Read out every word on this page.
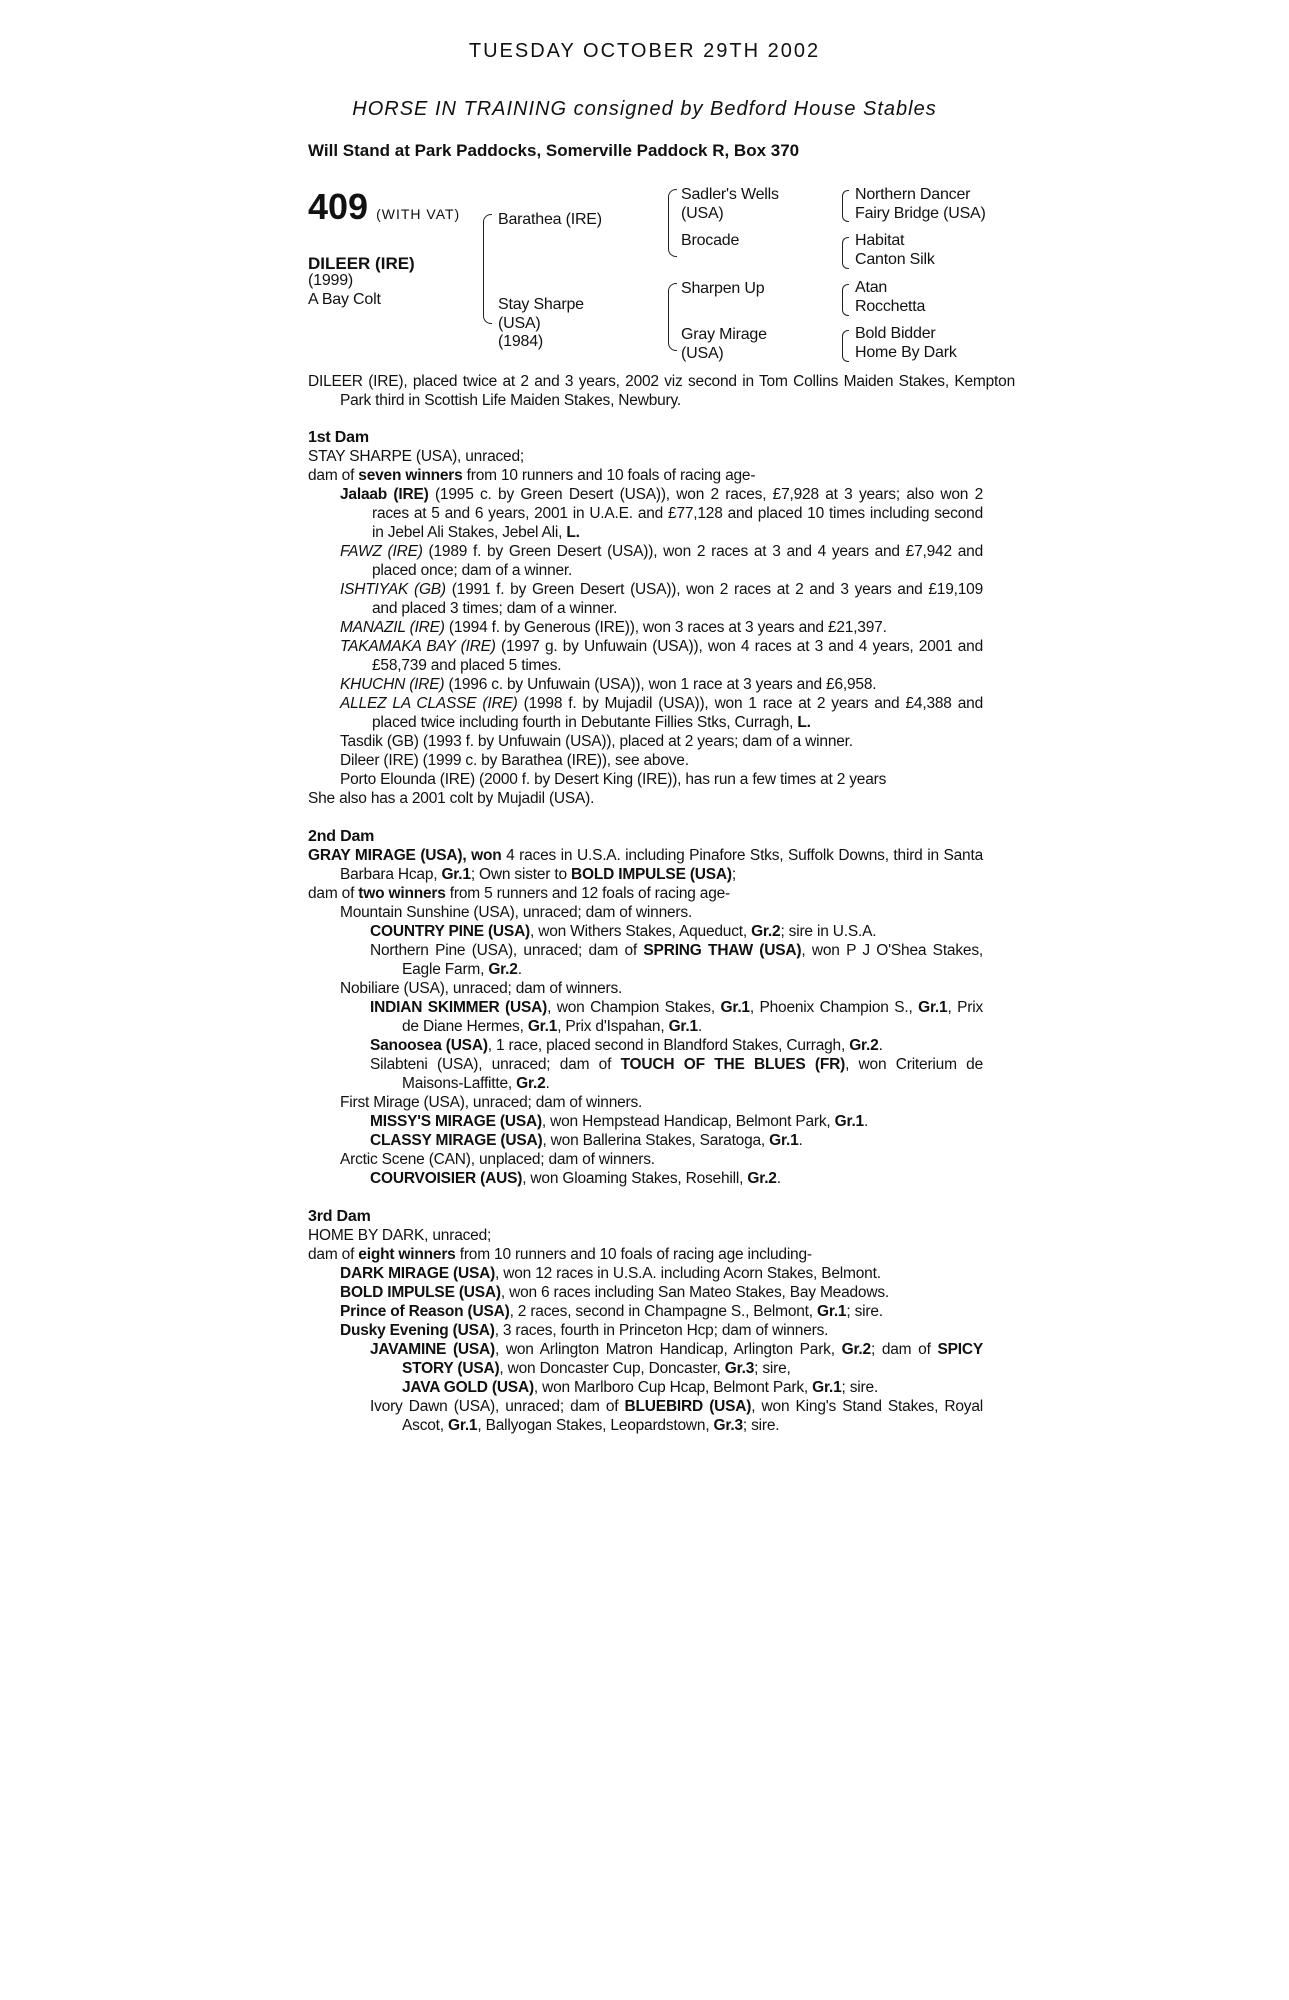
TUESDAY OCTOBER 29TH 2002
HORSE IN TRAINING consigned by Bedford House Stables
Will Stand at Park Paddocks, Somerville Paddock R, Box 370
409 (WITH VAT)
DILEER (IRE)
(1999)
A Bay Colt
Barathea (IRE)
Stay Sharpe
(USA)
(1984)
Sadler's Wells
(USA)
Brocade
Sharpen Up
Gray Mirage
(USA)
Northern Dancer
Fairy Bridge (USA)
Habitat
Canton Silk
Atan
Rocchetta
Bold Bidder
Home By Dark
DILEER (IRE), placed twice at 2 and 3 years, 2002 viz second in Tom Collins Maiden Stakes, Kempton Park third in Scottish Life Maiden Stakes, Newbury.
1st Dam
STAY SHARPE (USA), unraced;
dam of seven winners from 10 runners and 10 foals of racing age-
Jalaab (IRE) (1995 c. by Green Desert (USA)), won 2 races, £7,928 at 3 years; also won 2 races at 5 and 6 years, 2001 in U.A.E. and £77,128 and placed 10 times including second in Jebel Ali Stakes, Jebel Ali, L.
FAWZ (IRE) (1989 f. by Green Desert (USA)), won 2 races at 3 and 4 years and £7,942 and placed once; dam of a winner.
ISHTIYAK (GB) (1991 f. by Green Desert (USA)), won 2 races at 2 and 3 years and £19,109 and placed 3 times; dam of a winner.
MANAZIL (IRE) (1994 f. by Generous (IRE)), won 3 races at 3 years and £21,397.
TAKAMAKA BAY (IRE) (1997 g. by Unfuwain (USA)), won 4 races at 3 and 4 years, 2001 and £58,739 and placed 5 times.
KHUCHN (IRE) (1996 c. by Unfuwain (USA)), won 1 race at 3 years and £6,958.
ALLEZ LA CLASSE (IRE) (1998 f. by Mujadil (USA)), won 1 race at 2 years and £4,388 and placed twice including fourth in Debutante Fillies Stks, Curragh, L.
Tasdik (GB) (1993 f. by Unfuwain (USA)), placed at 2 years; dam of a winner.
Dileer (IRE) (1999 c. by Barathea (IRE)), see above.
Porto Elounda (IRE) (2000 f. by Desert King (IRE)), has run a few times at 2 years
She also has a 2001 colt by Mujadil (USA).
2nd Dam
GRAY MIRAGE (USA), won 4 races in U.S.A. including Pinafore Stks, Suffolk Downs, third in Santa Barbara Hcap, Gr.1; Own sister to BOLD IMPULSE (USA);
dam of two winners from 5 runners and 12 foals of racing age-
Mountain Sunshine (USA), unraced; dam of winners.
COUNTRY PINE (USA), won Withers Stakes, Aqueduct, Gr.2; sire in U.S.A.
Northern Pine (USA), unraced; dam of SPRING THAW (USA), won P J O'Shea Stakes, Eagle Farm, Gr.2.
Nobiliare (USA), unraced; dam of winners.
INDIAN SKIMMER (USA), won Champion Stakes, Gr.1, Phoenix Champion S., Gr.1, Prix de Diane Hermes, Gr.1, Prix d'Ispahan, Gr.1.
Sanoosea (USA), 1 race, placed second in Blandford Stakes, Curragh, Gr.2.
Silabteni (USA), unraced; dam of TOUCH OF THE BLUES (FR), won Criterium de Maisons-Laffitte, Gr.2.
First Mirage (USA), unraced; dam of winners.
MISSY'S MIRAGE (USA), won Hempstead Handicap, Belmont Park, Gr.1.
CLASSY MIRAGE (USA), won Ballerina Stakes, Saratoga, Gr.1.
Arctic Scene (CAN), unplaced; dam of winners.
COURVOISIER (AUS), won Gloaming Stakes, Rosehill, Gr.2.
3rd Dam
HOME BY DARK, unraced;
dam of eight winners from 10 runners and 10 foals of racing age including-
DARK MIRAGE (USA), won 12 races in U.S.A. including Acorn Stakes, Belmont.
BOLD IMPULSE (USA), won 6 races including San Mateo Stakes, Bay Meadows.
Prince of Reason (USA), 2 races, second in Champagne S., Belmont, Gr.1; sire.
Dusky Evening (USA), 3 races, fourth in Princeton Hcp; dam of winners.
JAVAMINE (USA), won Arlington Matron Handicap, Arlington Park, Gr.2; dam of SPICY STORY (USA), won Doncaster Cup, Doncaster, Gr.3; sire,
JAVA GOLD (USA), won Marlboro Cup Hcap, Belmont Park, Gr.1; sire.
Ivory Dawn (USA), unraced; dam of BLUEBIRD (USA), won King's Stand Stakes, Royal Ascot, Gr.1, Ballyogan Stakes, Leopardstown, Gr.3; sire.
